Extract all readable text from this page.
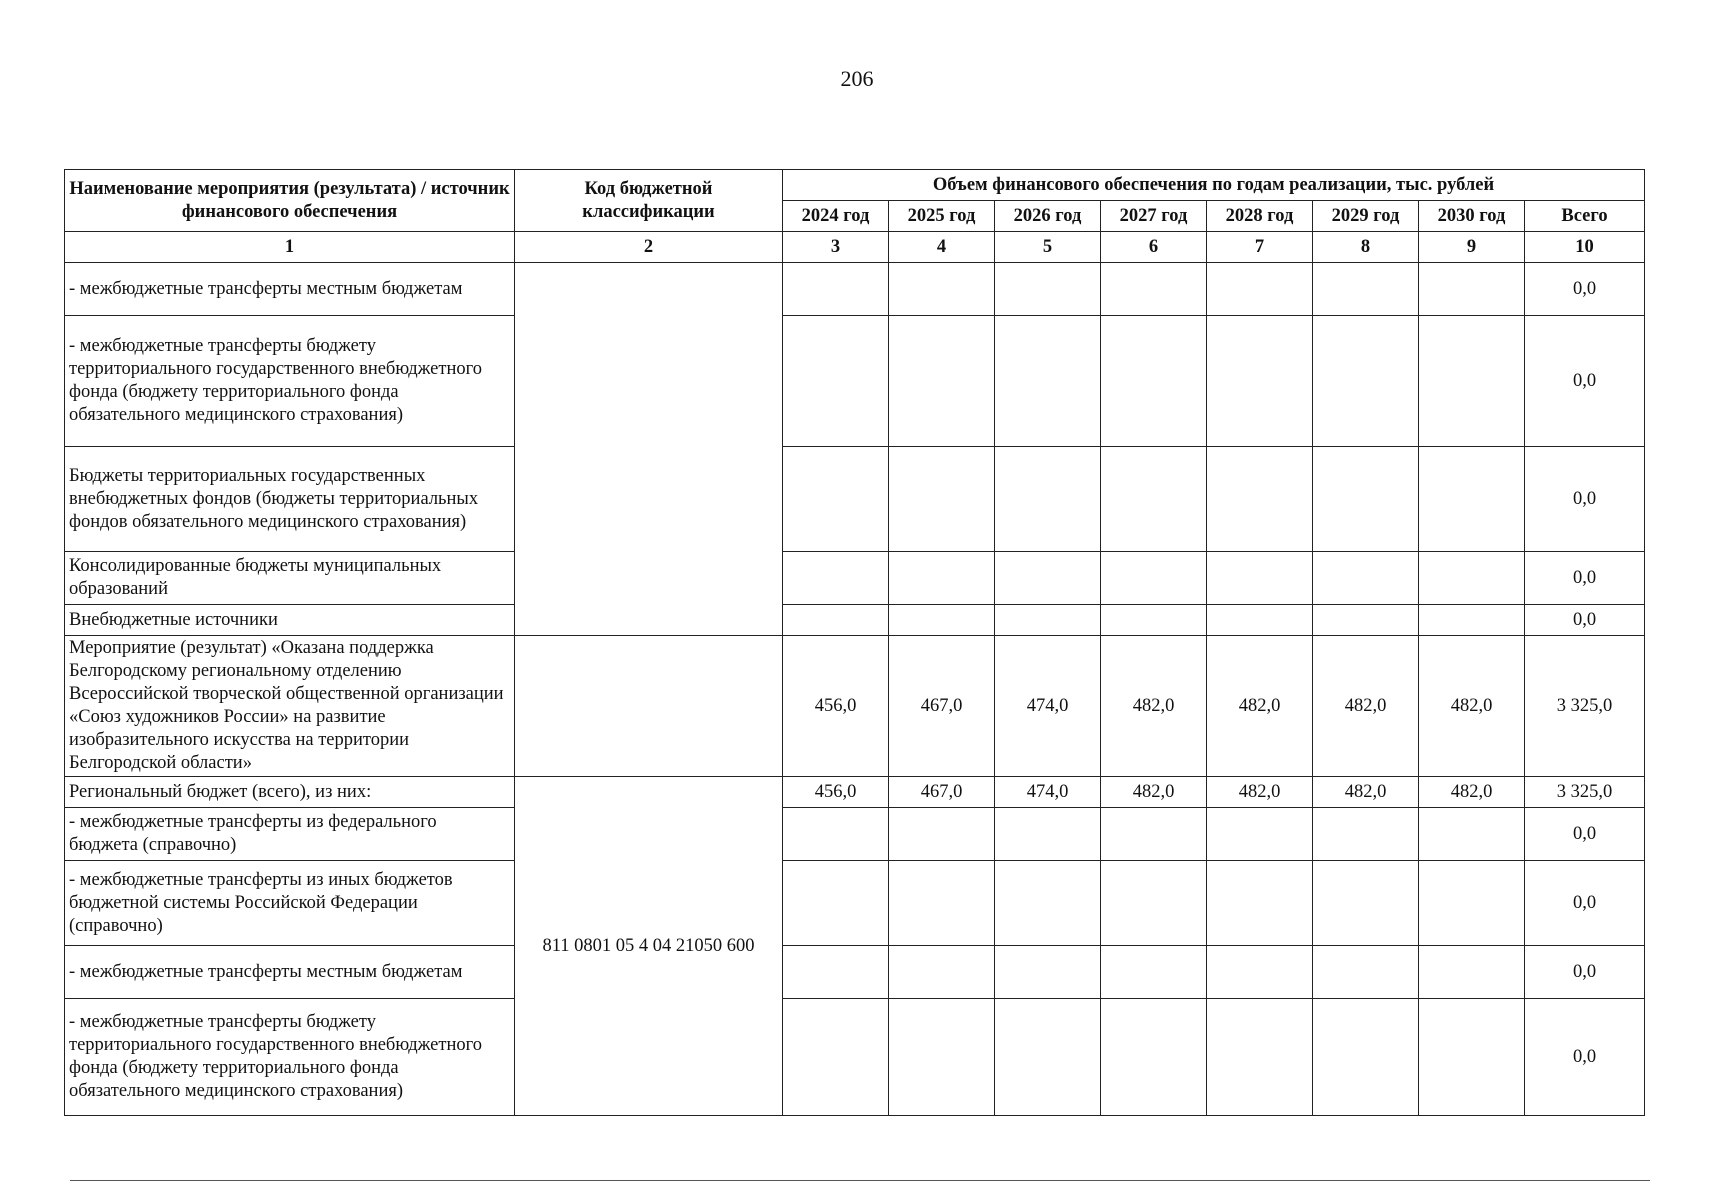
206
Наименование мероприятия (результата) / источник финансового обеспечения	Код бюджетной классификации	Объем финансового обеспечения по годам реализации, тыс. рублей							
		2024 год	2025 год	2026 год	2027 год	2028 год	2029 год	2030 год	Всего
1	2	3	4	5	6	7	8	9	10
- межбюджетные трансферты местным бюджетам									0,0
- межбюджетные трансферты бюджету территориального государственного внебюджетного фонда (бюджету территориального фонда обязательного медицинского страхования)									0,0
Бюджеты территориальных государственных внебюджетных фондов (бюджеты территориальных фондов обязательного медицинского страхования)									0,0
Консолидированные бюджеты муниципальных образований									0,0
Внебюджетные источники									0,0
Мероприятие (результат) «Оказана поддержка Белгородскому региональному отделению Всероссийской творческой общественной организации «Союз художников России» на развитие изобразительного искусства на территории Белгородской области»		456,0	467,0	474,0	482,0	482,0	482,0	482,0	3 325,0
Региональный бюджет (всего), из них:	811 0801 05 4 04 21050 600	456,0	467,0	474,0	482,0	482,0	482,0	482,0	3 325,0
- межбюджетные трансферты из федерального бюджета (справочно)									0,0
- межбюджетные трансферты из иных бюджетов бюджетной системы Российской Федерации (справочно)									0,0
- межбюджетные трансферты местным бюджетам									0,0
- межбюджетные трансферты бюджету территориального государственного внебюджетного фонда (бюджету территориального фонда обязательного медицинского страхования)									0,0
